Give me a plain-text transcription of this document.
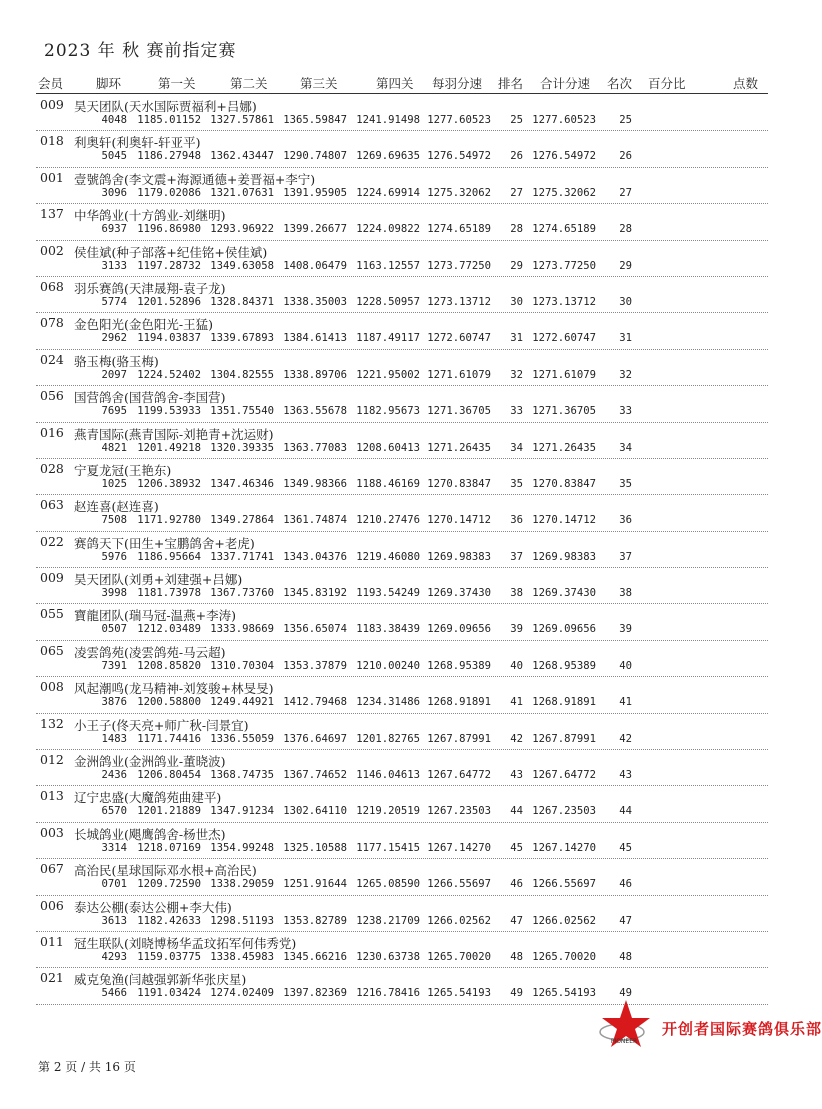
2023 年 秋 赛前指定赛
会员	脚环	第一关	第二关	第三关	第四关 每羽分速 排名 合计分速 名次 百分比	点数
009 昊天团队(天水国际贾福利+吕娜)
4048 1185.01152 1327.57861 1365.59847 1241.91498 1277.60523 25 1277.60523 25
018 利奥轩(利奥轩-轩亚平)
5045 1186.27948 1362.43447 1290.74807 1269.69635 1276.54972 26 1276.54972 26
001 壹號鸽舍(李文震+海源通德+姜晋福+李宁)
3096 1179.02086 1321.07631 1391.95905 1224.69914 1275.32062 27 1275.32062 27
137 中华鸽业(十方鸽业-刘继明)
6937 1196.86980 1293.96922 1399.26677 1224.09822 1274.65189 28 1274.65189 28
002 侯佳斌(种子部落+纪佳铭+侯佳斌)
3133 1197.28732 1349.63058 1408.06479 1163.12557 1273.77250 29 1273.77250 29
068 羽乐赛鸽(天津晟翔-袁子龙)
5774 1201.52896 1328.84371 1338.35003 1228.50957 1273.13712 30 1273.13712 30
078 金色阳光(金色阳光-王猛)
2962 1194.03837 1339.67893 1384.61413 1187.49117 1272.60747 31 1272.60747 31
024 骆玉梅(骆玉梅)
2097 1224.52402 1304.82555 1338.89706 1221.95002 1271.61079 32 1271.61079 32
056 国营鸽舍(国营鸽舍-李国营)
7695 1199.53933 1351.75540 1363.55678 1182.95673 1271.36705 33 1271.36705 33
016 燕青国际(燕青国际-刘艳青+沈运财)
4821 1201.49218 1320.39335 1363.77083 1208.60413 1271.26435 34 1271.26435 34
028 宁夏龙冠(王艳东)
1025 1206.38932 1347.46346 1349.98366 1188.46169 1270.83847 35 1270.83847 35
063 赵连喜(赵连喜)
7508 1171.92780 1349.27864 1361.74874 1210.27476 1270.14712 36 1270.14712 36
022 赛鸽天下(田生+宝鹏鸽舍+老虎)
5976 1186.95664 1337.71741 1343.04376 1219.46080 1269.98383 37 1269.98383 37
009 昊天团队(刘勇+刘建强+吕娜)
3998 1181.73978 1367.73760 1345.83192 1193.54249 1269.37430 38 1269.37430 38
055 寶龍团队(瑞马冠-温燕+李涛)
0507 1212.03489 1333.98669 1356.65074 1183.38439 1269.09656 39 1269.09656 39
065 凌雲鸽苑(凌雲鸽苑-马云超)
7391 1208.85820 1310.70304 1353.37879 1210.00240 1268.95389 40 1268.95389 40
008 风起潮鸣(龙马精神-刘笈骏+林旻旻)
3876 1200.58800 1249.44921 1412.79468 1234.31486 1268.91891 41 1268.91891 41
132 小王子(佟天亮+师广秋-闫景宜)
1483 1171.74416 1336.55059 1376.64697 1201.82765 1267.87991 42 1267.87991 42
012 金洲鸽业(金洲鸽业-董晓波)
2436 1206.80454 1368.74735 1367.74652 1146.04613 1267.64772 43 1267.64772 43
013 辽宁忠盛(大魔鸽苑曲建平)
6570 1201.21889 1347.91234 1302.64110 1219.20519 1267.23503 44 1267.23503 44
003 长城鸽业(飓鹰鸽舍-杨世杰)
3314 1218.07169 1354.99248 1325.10588 1177.15415 1267.14270 45 1267.14270 45
067 高治民(星球国际邓水根+高治民)
0701 1209.72590 1338.29059 1251.91644 1265.08590 1266.55697 46 1266.55697 46
006 泰达公棚(泰达公棚+李大伟)
3613 1182.42633 1298.51193 1353.82789 1238.21709 1266.02562 47 1266.02562 47
011 冠生联队(刘晓博杨华孟玟拓军何伟秀党)
4293 1159.03775 1338.45983 1345.66216 1230.63738 1265.70020 48 1265.70020 48
021 威克兔渔(闫越强郭新华张庆星)
5466 1191.03424 1274.02409 1397.82369 1216.78416 1265.54193 49 1265.54193 49
第 2 页 / 共 16 页
PIONEER
开创者国际赛鸽俱乐部
